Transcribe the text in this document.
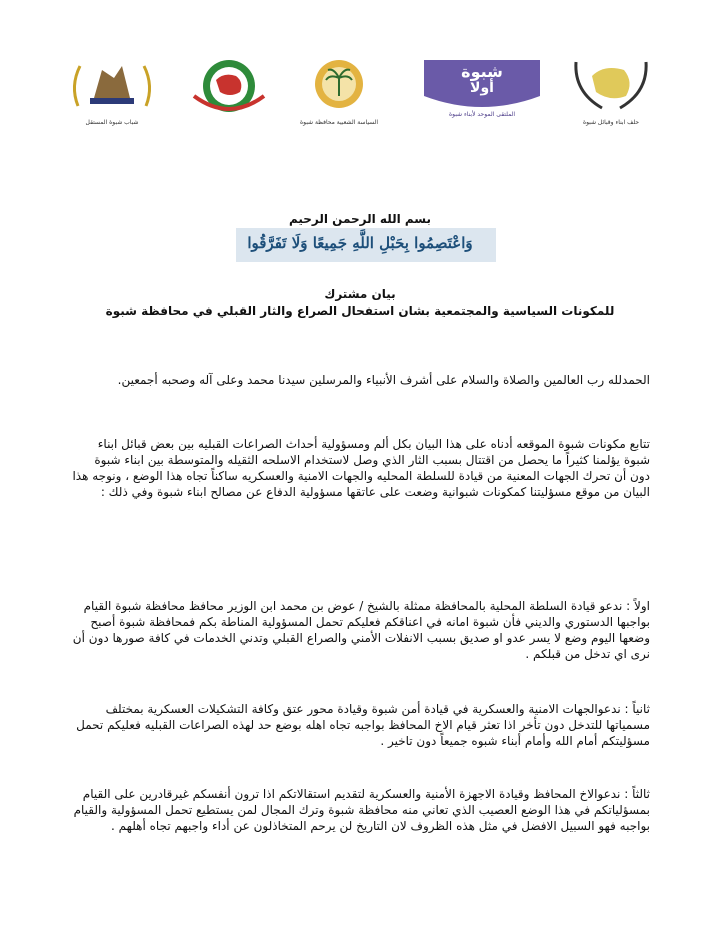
شباب شبوة المستقل	السياسة الشعبية محافظة شبوة
شبوة
أولا
الملتقى الموحد لأبناء شبوة
حلف ابناء وقبائل شبوة
بسم الله الرحمن الرحيم
وَاعْتَصِمُوا بِحَبْلِ اللَّهِ جَمِيعًا وَلَا تَفَرَّقُوا
بيان مشترك
للمكونات السياسية والمجتمعية بشان استفحال الصراع والثار القبلي في محافظة شبوة
الحمدلله رب العالمين والصلاة والسلام على أشرف الأنبياء والمرسلين سيدنا محمد وعلى آله وصحبه أجمعين.
تتابع مكونات شبوة الموقعه أدناه على هذا البيان بكل ألم ومسؤولية أحداث الصراعات القبليه بين بعض قبائل ابناء شبوة يؤلمنا كثيراً ما يحصل من اقتتال بسبب الثار الذي وصل لاستخدام الاسلحه الثقيله والمتوسطة بين ابناء شبوة دون أن تحرك الجهات المعنية من قيادة للسلطة المحليه والجهات الامنية والعسكريه ساكناً تجاه هذا الوضع ، ونوجه هذا البيان من موقع مسؤليتنا كمكونات شبوانية وضعت على عاتقها مسؤولية الدفاع عن مصالح ابناء شبوة وفي ذلك :
اولاً : ندعو قيادة السلطة المحلية بالمحافظة ممثلة بالشيخ / عوض بن محمد ابن الوزير محافظ محافظة شبوة القيام بواجبها الدستوري والديني فأن شبوة امانه في اعناقكم فعليكم تحمل المسؤولية المناطة بكم فمحافظة شبوة أصبح وضعها اليوم وضع لا يسر عدو او صديق بسبب الانفلات الأمني والصراع القبلي وتدني الخدمات في كافة صورها دون أن نرى اي تدخل من قبلكم .
ثانياً : ندعوالجهات الامنية والعسكرية في قيادة أمن شبوة وقيادة محور عتق وكافة التشكيلات العسكرية بمختلف مسمياتها للتدخل دون تأخر اذا تعثر قيام الاخ المحافظ بواجبه تجاه اهله بوضع حد لهذه الصراعات القبليه فعليكم تحمل مسؤليتكم أمام الله وأمام أبناء شبوه جميعاً دون تاخير .
ثالثاً : ندعوالاخ المحافظ وقيادة الاجهزة الأمنية والعسكرية لتقديم استقالاتكم اذا ترون أنفسكم غيرقادرين على القيام بمسؤلياتكم في هذا الوضع العصيب الذي تعاني منه محافظة شبوة وترك المجال لمن يستطيع تحمل المسؤولية والقيام بواجبه فهو السبيل الافضل في مثل هذه الظروف لان التاريخ لن يرحم المتخاذلون عن أداء واجبهم تجاه أهلهم .
